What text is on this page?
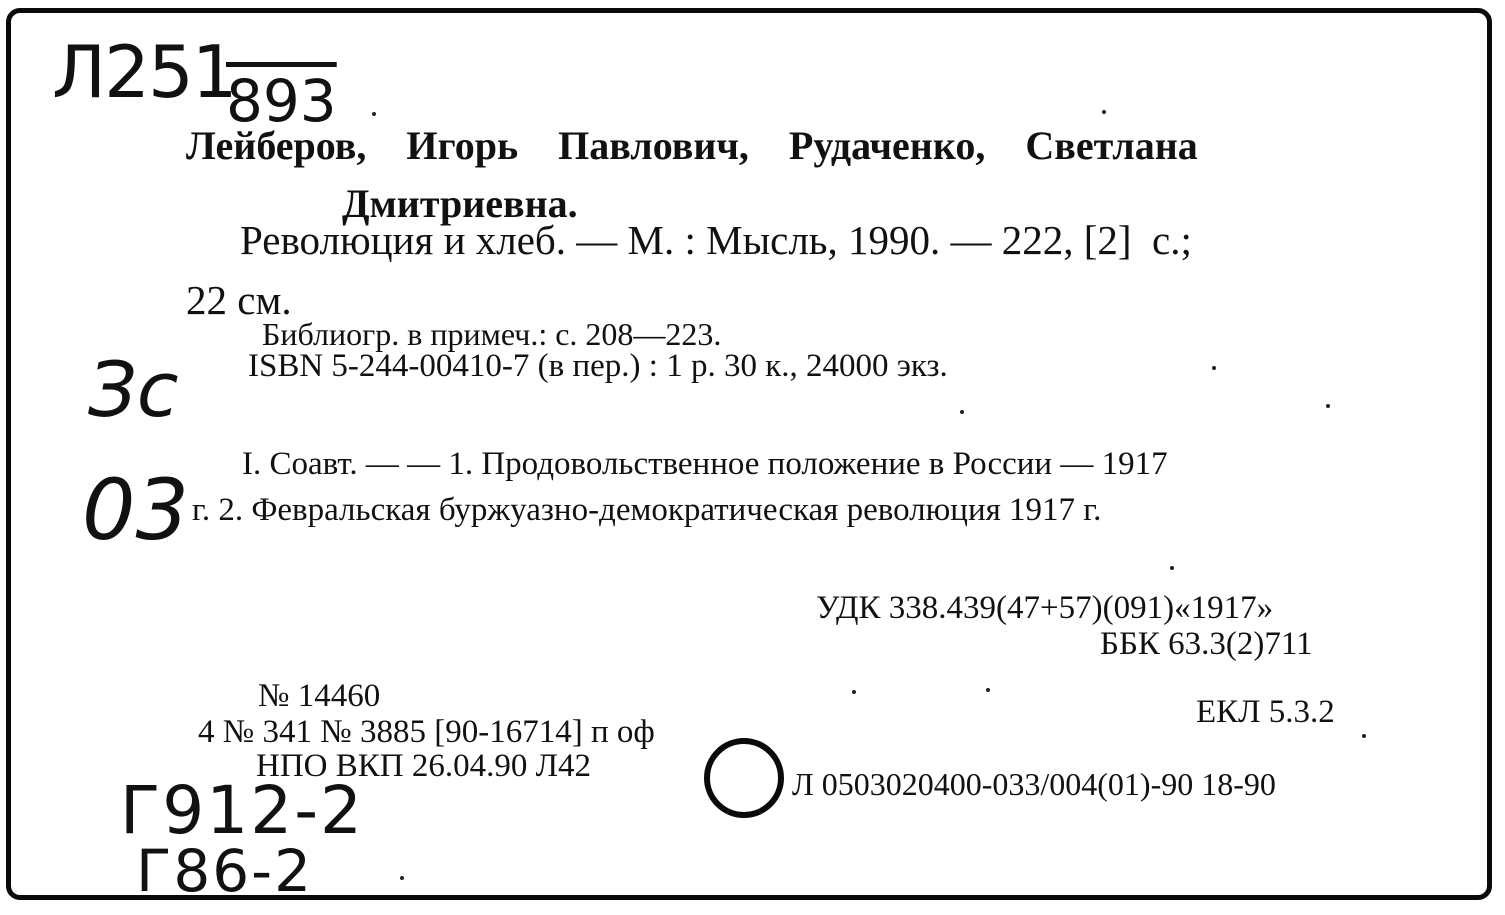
Л251
893
Зс
03
Г912-2
Г86-2
Лейберов,    Игорь    Павлович,    Рудаченко,    Светлана
Дмитриевна.
Революция и хлеб. — М. : Мысль, 1990. — 222, [2]  с.;
22 см.
Библиогр. в примеч.: с. 208—223.
ISBN 5-244-00410-7 (в пер.) : 1 р. 30 к., 24000 экз.
I. Соавт. — — 1. Продовольственное положение в России — 1917
г. 2. Февральская буржуазно-демократическая революция 1917 г.
УДК 338.439(47+57)(091)«1917»
ББК 63.3(2)711
ЕКЛ 5.3.2
№ 14460
4 № 341 № 3885 [90-16714] п оф
НПО ВКП 26.04.90 Л42	Л 0503020400-033/004(01)-90 18-90
